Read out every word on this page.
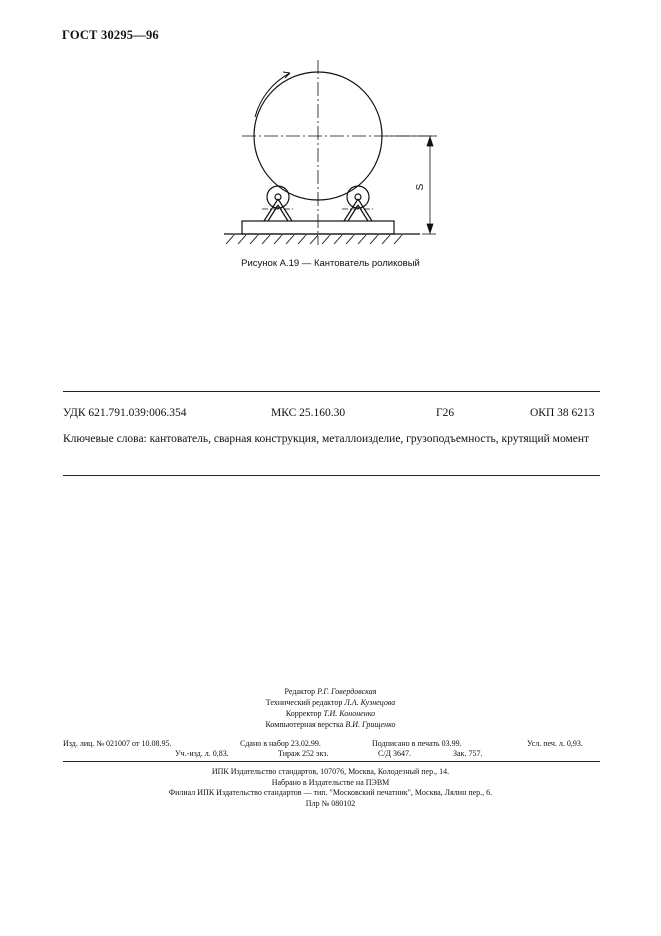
ГОСТ 30295—96
S
Рисунок А.19 — Кантователь роликовый
УДК 621.791.039:006.354	МКС 25.160.30	Г26	ОКП 38 6213
Ключевые слова: кантователь, сварная конструкция, металлоизделие, грузоподъемность, крутящий момент
Редактор Р.Г. Говердовская
Технический редактор Л.А. Кузнецова
Корректор Т.И. Кононенко
Компьютерная верстка В.И. Грищенко
Изд. лиц. № 021007 от 10.08.95.	Сдано в набор 23.02.99.	Подписано в печать 03.99.	Усл. печ. л. 0,93.
Уч.-изд. л. 0,83.	Тираж 252 экз.	С/Д 3647.	Зак. 757.
ИПК Издательство стандартов, 107076, Москва, Колодезный пер., 14.
Набрано в Издательстве на ПЭВМ
Филиал ИПК Издательство стандартов — тип. "Московский печатник", Москва, Лялин пер., 6.
Плр № 080102
